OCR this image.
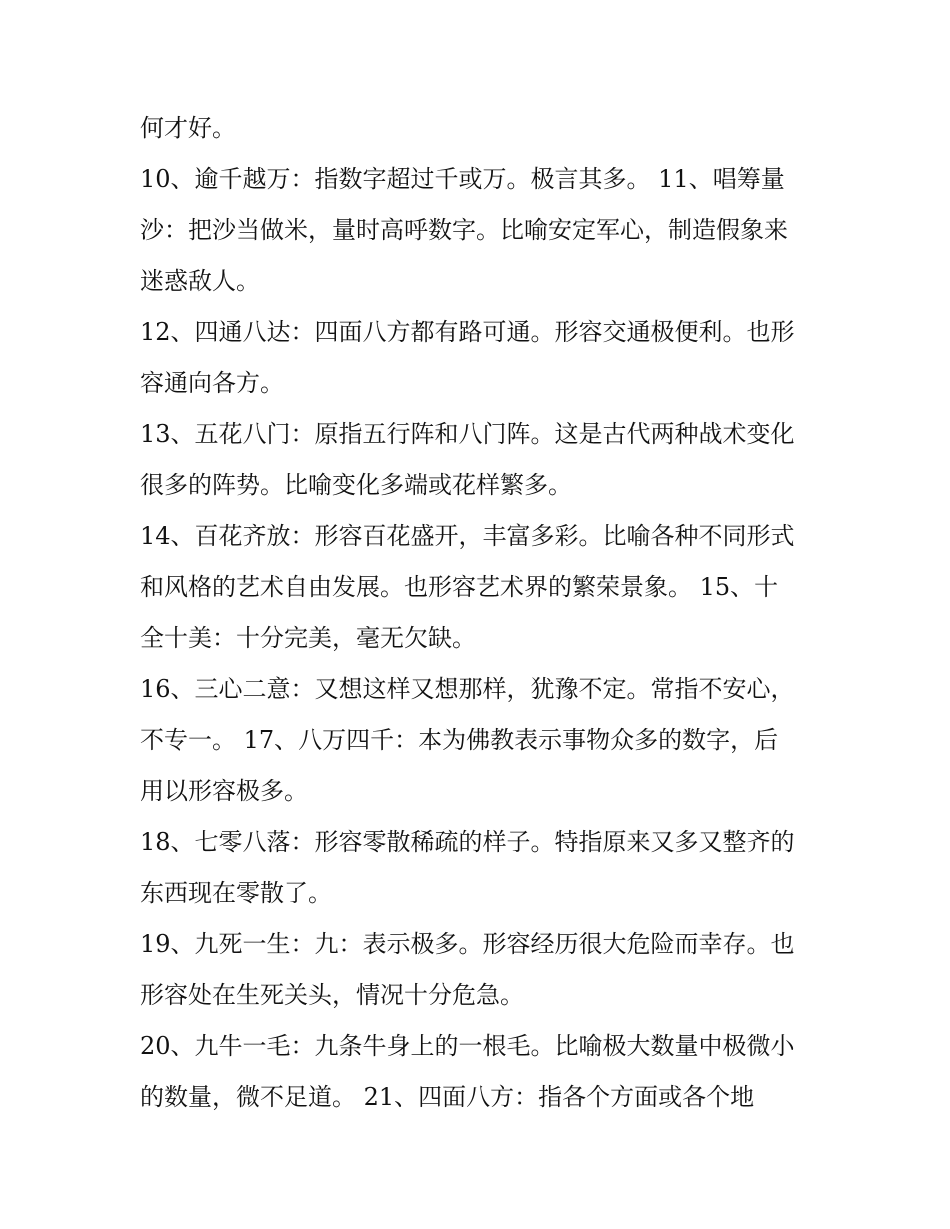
何才好。
10、逾千越万：指数字超过千或万。极言其多。 11、唱筹量
沙：把沙当做米，量时高呼数字。比喻安定军心，制造假象来
迷惑敌人。
12、四通八达：四面八方都有路可通。形容交通极便利。也形
容通向各方。
13、五花八门：原指五行阵和八门阵。这是古代两种战术变化
很多的阵势。比喻变化多端或花样繁多。
14、百花齐放：形容百花盛开，丰富多彩。比喻各种不同形式
和风格的艺术自由发展。也形容艺术界的繁荣景象。 15、十
全十美：十分完美，毫无欠缺。
16、三心二意：又想这样又想那样，犹豫不定。常指不安心，
不专一。 17、八万四千：本为佛教表示事物众多的数字，后
用以形容极多。
18、七零八落：形容零散稀疏的样子。特指原来又多又整齐的
东西现在零散了。
19、九死一生：九：表示极多。形容经历很大危险而幸存。也
形容处在生死关头，情况十分危急。
20、九牛一毛：九条牛身上的一根毛。比喻极大数量中极微小
的数量，微不足道。 21、四面八方：指各个方面或各个地
